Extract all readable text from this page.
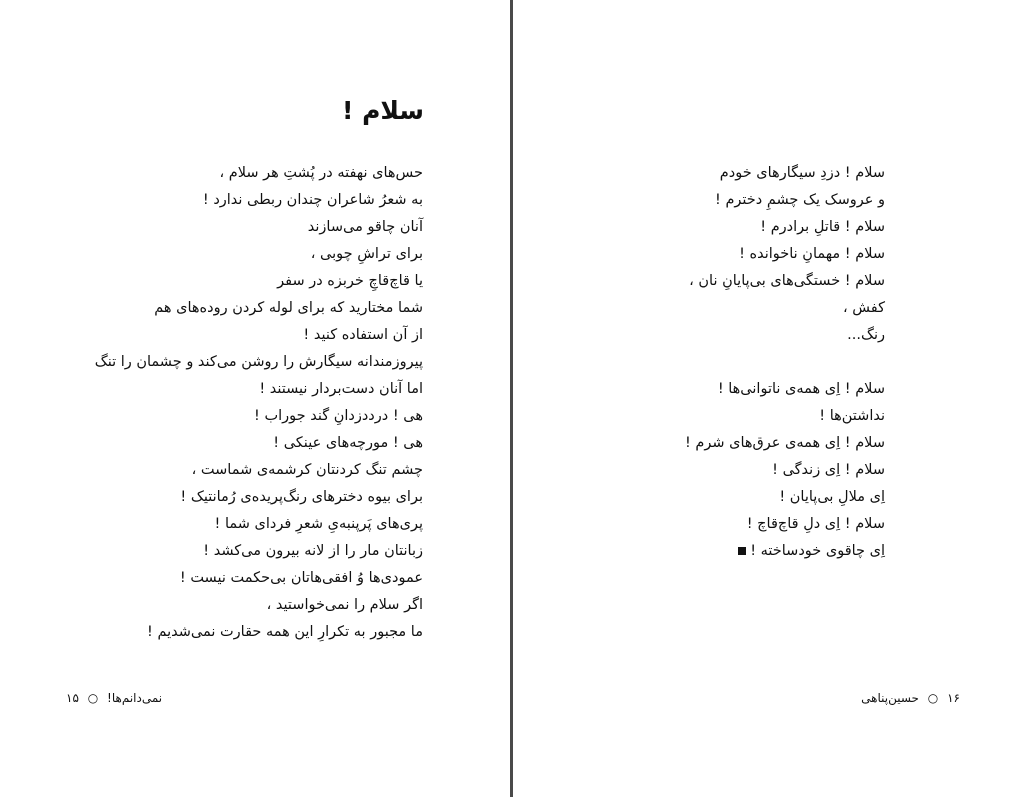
سلام !
حس‌های نهفته در پُشتِ هر سلام ،
به شعرُ شاعران چندان ربطی ندارد !
آنان چاقو می‌سازند
برای تراشِ چوبی ،
یا قاچ‌قاچِ خربزه در سفر
شما مختارید که برای لوله کردن روده‌های هم
از آن استفاده کنید !
پیروزمندانه سیگارش را روشن می‌کند و چشمان را تنگ
اما آنان دست‌بردار نیستند !
هی ! درددزدانِ گند جوراب !
هی ! مورچه‌های عینکی !
چشم تنگ کردنتان کرشمه‌ی شماست ،
برای بیوه دخترهای رنگ‌پریده‌ی رُمانتیک !
پری‌های پَرپنبه‌یِ شعرِ فردای شما !
زبانتان مار را از لانه بیرون می‌کشد !
عمودی‌ها وُ افقی‌هاتان بی‌حکمت نیست !
اگر سلام را نمی‌خواستید ،
ما مجبور به تکرارِ این همه حقارت نمی‌شدیم !
نمی‌دانم‌ها! ○ ۱۵
سلام ! دزدِ سیگارهای خودم
و عروسک یک چشمِ دخترم !
سلام ! قاتلِ برادرم !
سلام ! مهمانِ ناخوانده !
سلام ! خستگی‌های بی‌پایانِ نان ،
کفش ،
رنگ...
سلام ! اِی همه‌ی ناتوانی‌ها !
نداشتن‌ها !
سلام ! اِی همه‌ی عرق‌های شرم !
سلام ! اِی زندگی !
اِی ملالِ بی‌پایان !
سلام ! اِی دلِ قاچ‌قاچ !
اِی چاقوی خودساخته !
۱۶ ○ حسین‌پناهی
